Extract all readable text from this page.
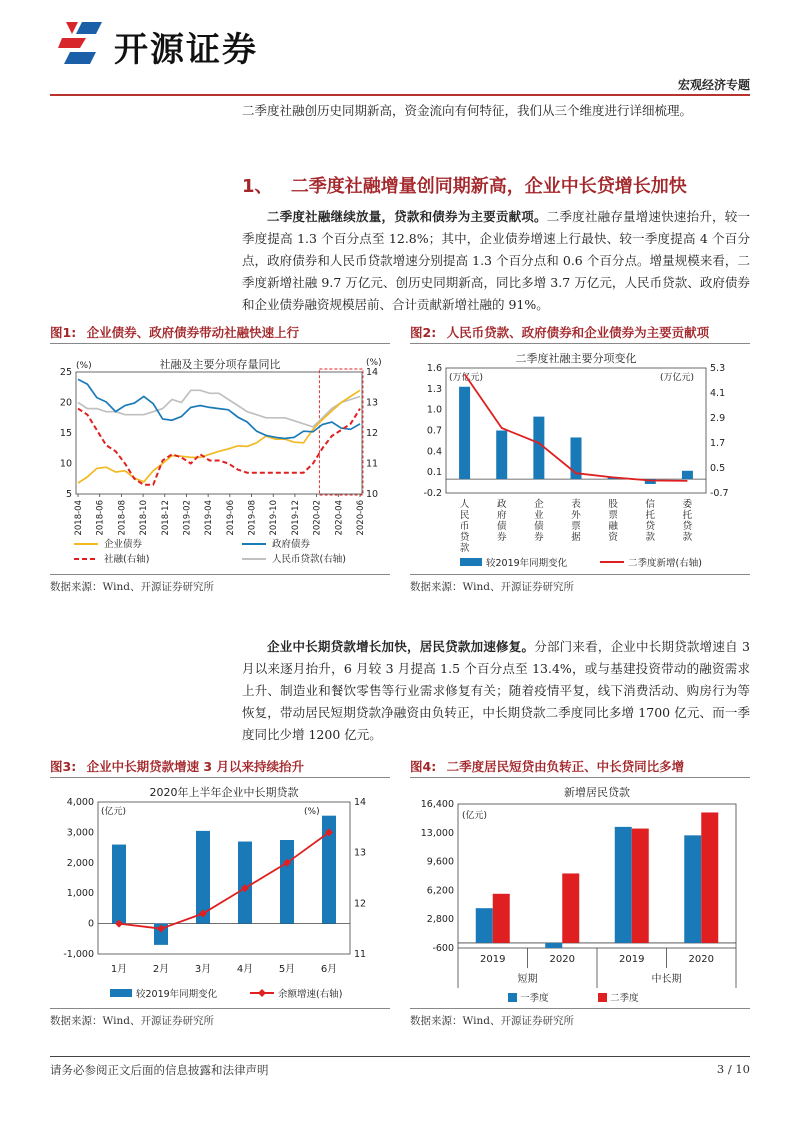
开源证券
宏观经济专题
二季度社融创历史同期新高，资金流向有何特征，我们从三个维度进行详细梳理。
1、 二季度社融增量创同期新高，企业中长贷增长加快
二季度社融继续放量，贷款和债券为主要贡献项。二季度社融存量增速快速抬升，较一季度提高 1.3 个百分点至 12.8%；其中，企业债券增速上行最快、较一季度提高 4 个百分点，政府债券和人民币贷款增速分别提高 1.3 个百分点和 0.6 个百分点。增量规模来看，二季度新增社融 9.7 万亿元、创历史同期新高，同比多增 3.7 万亿元，人民币贷款、政府债券和企业债券融资规模居前、合计贡献新增社融的 91%。
图1: 企业债券、政府债券带动社融快速上行	图2: 人民币贷款、政府债券和企业债券为主要贡献项
社融及主要分项存量同比
(%)	(%)
5
10
15
20
25
10
11
12
13
14
2018-04 2018-06 2018-08 2018-10 2018-12 2019-02 2019-04 2019-06 2019-08 2019-10 2019-12 2020-02 2020-04 2020-06
企业债券	政府债券
社融(右轴)	人民币贷款(右轴)
二季度社融主要分项变化
(万亿元)	(万亿元)
-0.2
0.1
0.4
0.7
1.0
1.3
1.6
-0.7
0.5
1.7
2.9
4.1
5.3
人
民
币
贷
款
政
府
债
券
企
业
债
券
表
外
票
据
股
票
融
资
信
托
贷
款
委
托
贷
款
较2019年同期变化	二季度新增(右轴)
数据来源：Wind、开源证券研究所	数据来源：Wind、开源证券研究所
企业中长期贷款增长加快，居民贷款加速修复。分部门来看，企业中长期贷款增速自 3 月以来逐月抬升，6 月较 3 月提高 1.5 个百分点至 13.4%，或与基建投资带动的融资需求上升、制造业和餐饮零售等行业需求修复有关；随着疫情平复，线下消费活动、购房行为等恢复，带动居民短期贷款净融资由负转正，中长期贷款二季度同比多增 1700 亿元、而一季度同比少增 1200 亿元。
图3: 企业中长期贷款增速 3 月以来持续抬升	图4: 二季度居民短贷由负转正、中长贷同比多增
2020年上半年企业中长期贷款
(亿元)	(%)
-1,000
0
1,000
2,000
3,000
4,000
11
12
13
14
1月	2月	3月	4月	5月	6月
较2019年同期变化	余额增速(右轴)
新增居民贷款
(亿元)
-600
2,800
6,200
9,600
13,000
16,400
2019	2020	2019	2020
短期	中长期
一季度	二季度
数据来源：Wind、开源证券研究所	数据来源：Wind、开源证券研究所
请务必参阅正文后面的信息披露和法律声明	3 / 10
